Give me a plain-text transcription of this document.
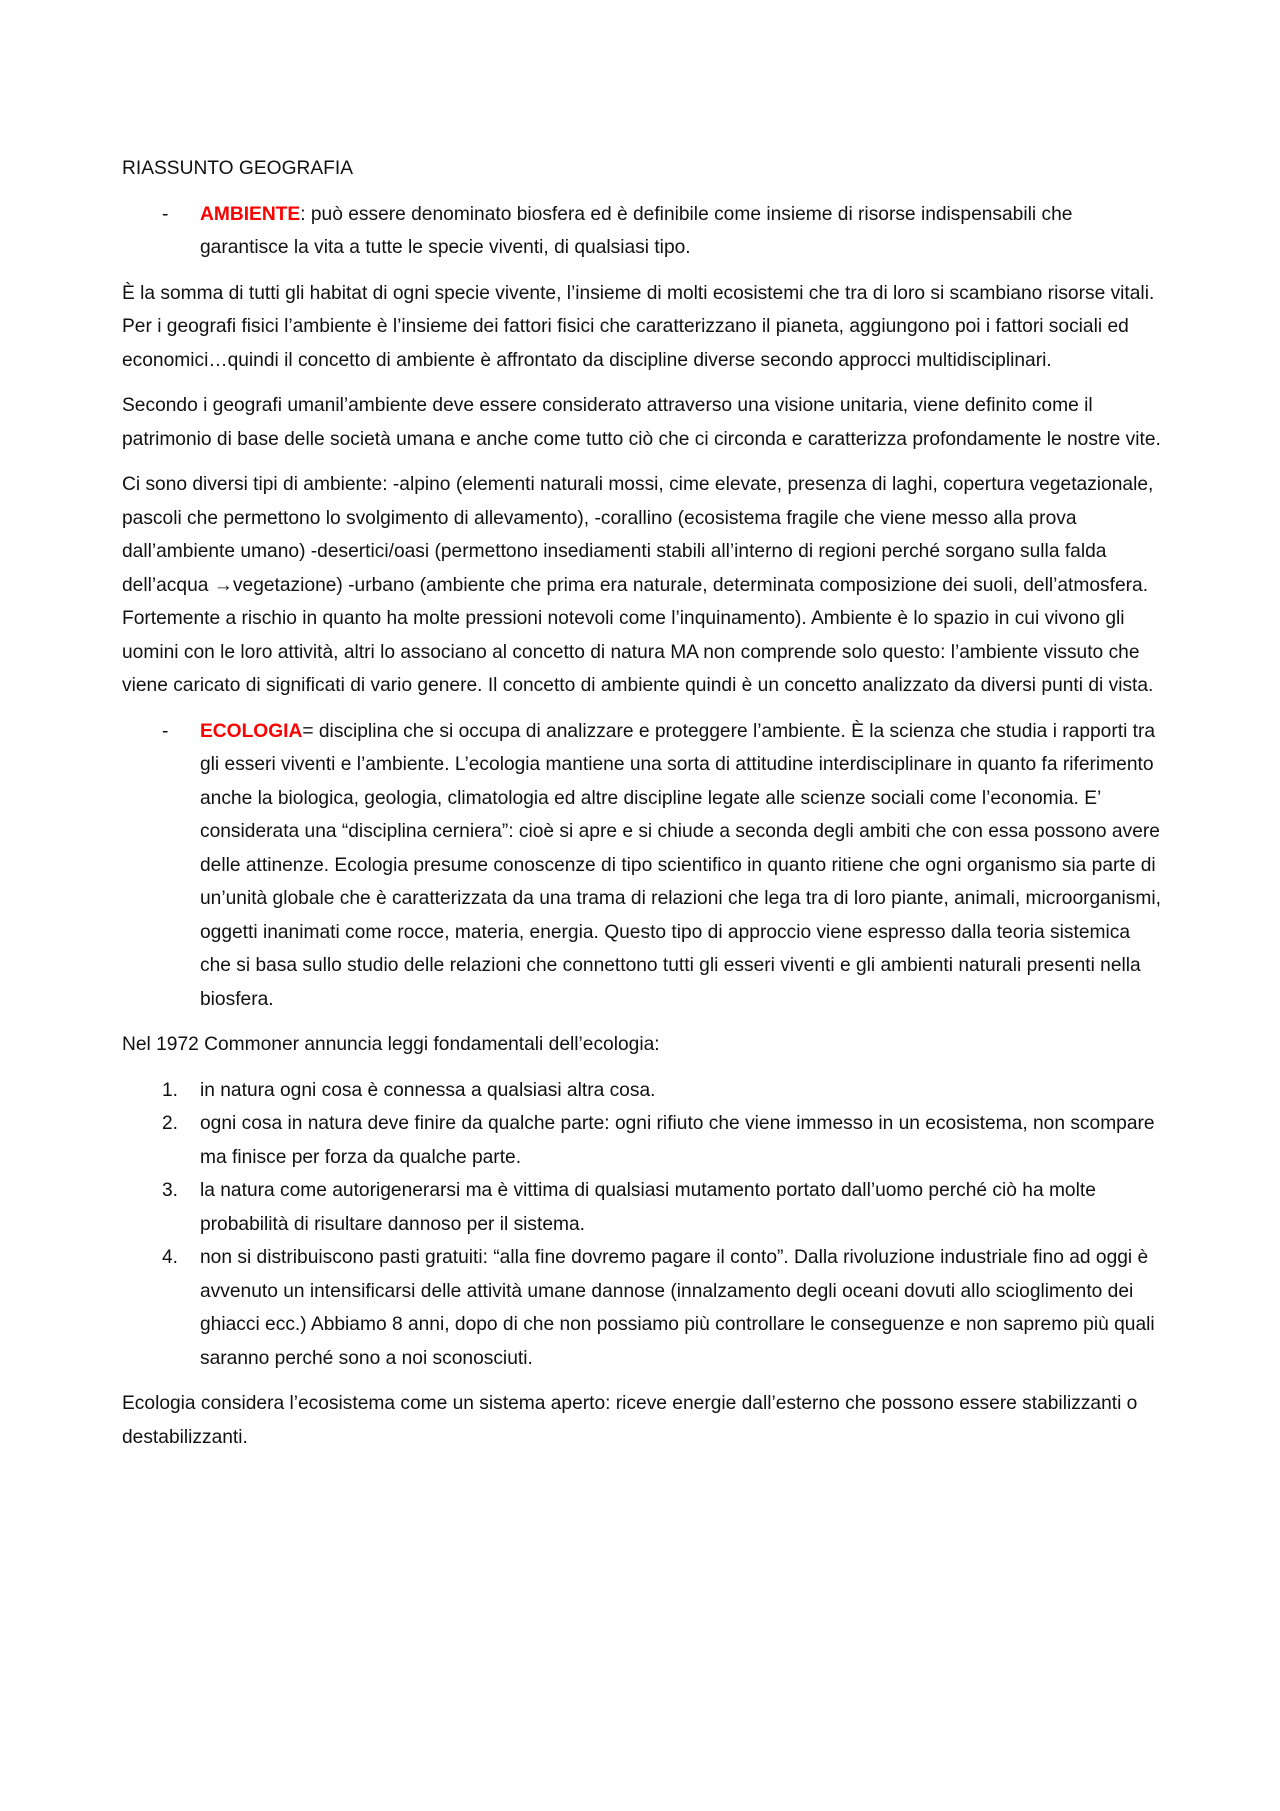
RIASSUNTO GEOGRAFIA

- AMBIENTE: può essere denominato biosfera ed è definibile come insieme di risorse indispensabili che garantisce la vita a tutte le specie viventi, di qualsiasi tipo.

È la somma di tutti gli habitat di ogni specie vivente, l’insieme di molti ecosistemi che tra di loro si scambiano risorse vitali. Per i geografi fisici l’ambiente è l’insieme dei fattori fisici che caratterizzano il pianeta, aggiungono poi i fattori sociali ed economici…quindi il concetto di ambiente è affrontato da discipline diverse secondo approcci multidisciplinari.

Secondo i geografi umanil’ambiente deve essere considerato attraverso una visione unitaria, viene definito come il patrimonio di base delle società umana e anche come tutto ciò che ci circonda e caratterizza profondamente le nostre vite.

Ci sono diversi tipi di ambiente: -alpino (elementi naturali mossi, cime elevate, presenza di laghi, copertura vegetazionale, pascoli che permettono lo svolgimento di allevamento), -corallino (ecosistema fragile che viene messo alla prova dall’ambiente umano) -desertici/oasi (permettono insediamenti stabili all’interno di regioni perché sorgano sulla falda dell’acqua →vegetazione) -urbano (ambiente che prima era naturale, determinata composizione dei suoli, dell’atmosfera. Fortemente a rischio in quanto ha molte pressioni notevoli come l’inquinamento). Ambiente è lo spazio in cui vivono gli uomini con le loro attività, altri lo associano al concetto di natura MA non comprende solo questo: l’ambiente vissuto che viene caricato di significati di vario genere. Il concetto di ambiente quindi è un concetto analizzato da diversi punti di vista.

- ECOLOGIA= disciplina che si occupa di analizzare e proteggere l’ambiente. È la scienza che studia i rapporti tra gli esseri viventi e l’ambiente. L’ecologia mantiene una sorta di attitudine interdisciplinare in quanto fa riferimento anche la biologica, geologia, climatologia ed altre discipline legate alle scienze sociali come l’economia. E’ considerata una “disciplina cerniera”: cioè si apre e si chiude a seconda degli ambiti che con essa possono avere delle attinenze. Ecologia presume conoscenze di tipo scientifico in quanto ritiene che ogni organismo sia parte di un’unità globale che è caratterizzata da una trama di relazioni che lega tra di loro piante, animali, microorganismi, oggetti inanimati come rocce, materia, energia. Questo tipo di approccio viene espresso dalla teoria sistemica che si basa sullo studio delle relazioni che connettono tutti gli esseri viventi e gli ambienti naturali presenti nella biosfera.

Nel 1972 Commoner annuncia leggi fondamentali dell’ecologia:

1. in natura ogni cosa è connessa a qualsiasi altra cosa.
2. ogni cosa in natura deve finire da qualche parte: ogni rifiuto che viene immesso in un ecosistema, non scompare ma finisce per forza da qualche parte.
3. la natura come autorigenerarsi ma è vittima di qualsiasi mutamento portato dall’uomo perché ciò ha molte probabilità di risultare dannoso per il sistema.
4. non si distribuiscono pasti gratuiti: “alla fine dovremo pagare il conto”. Dalla rivoluzione industriale fino ad oggi è avvenuto un intensificarsi delle attività umane dannose (innalzamento degli oceani dovuti allo scioglimento dei ghiacci ecc.) Abbiamo 8 anni, dopo di che non possiamo più controllare le conseguenze e non sapremo più quali saranno perché sono a noi sconosciuti.

Ecologia considera l’ecosistema come un sistema aperto: riceve energie dall’esterno che possono essere stabilizzanti o destabilizzanti.
